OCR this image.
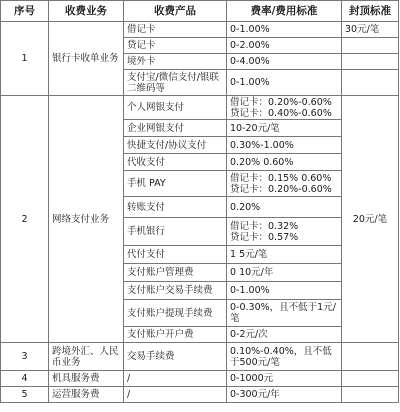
序号	收费业务	收费产品	费率/费用标准	封顶标准
1	银行卡收单业务	借记卡	0-1.00%	30元/笔
		贷记卡	0-2.00%	
		境外卡	0-4.00%	
		支付宝/微信支付/银联二维码等	0-1.00%	
2	网络支付业务	个人网银支付	借记卡：0.20%-0.60%
贷记卡：0.40%-0.60%	20元/笔
		企业网银支付	10-20元/笔	
		快捷支付/协议支付	0.30%-1.00%	
		代收支付	0.20% 0.60%	
		手机 PAY	借记卡：0.15% 0.60%
贷记卡：0.20%-0.60%	
		转账支付	0.20%	
		手机银行	借记卡：0.32%
贷记卡：0.57%	
		代付支付	1 5元/笔	
		支付账户管理费	0 10元/年	
		支付账户交易手续费	0-1.00%	
		支付账户提现手续费	0-0.30%，且不低于1元/笔	
		支付账户开户费	0-2元/次	
3	跨境外汇、人民币业务	交易手续费	0.10%-0.40%，且不低于500元/笔	
4	机具服务费	/	0-1000元	
5	运营服务费	/	0-300元/年	
